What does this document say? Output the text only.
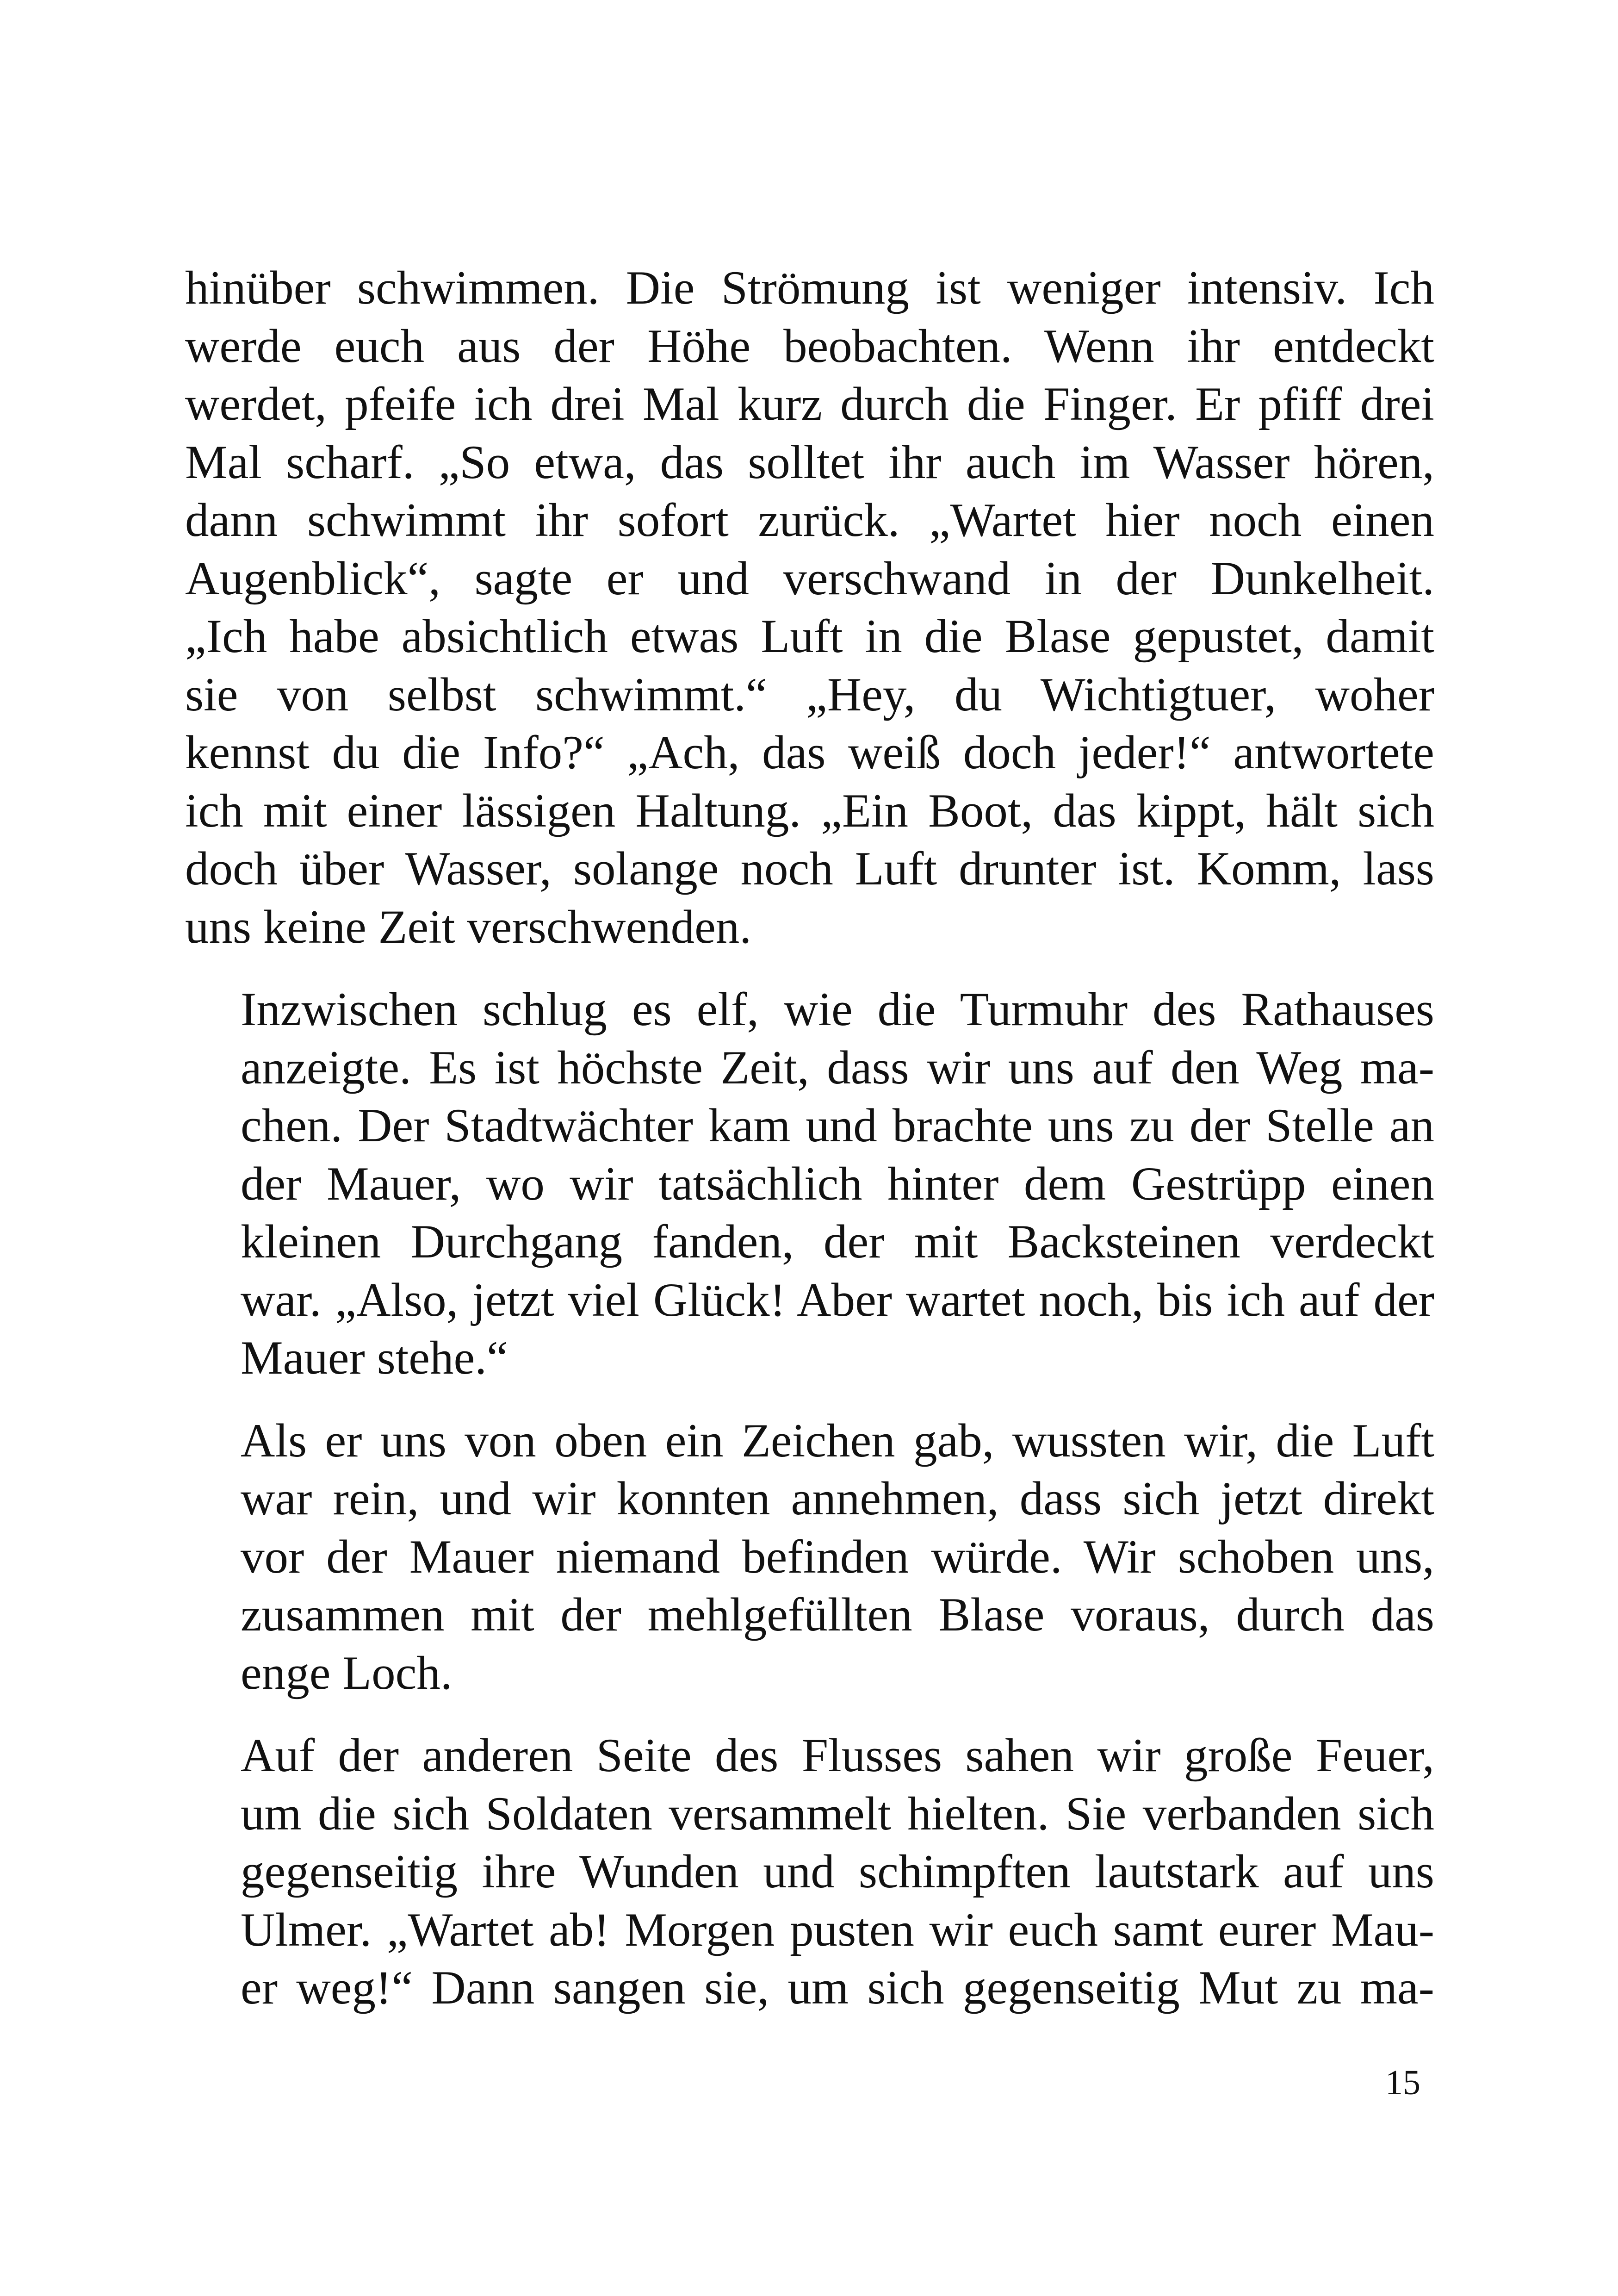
hinüber schwimmen. Die Strömung ist weniger intensiv. Ich
werde euch aus der Höhe beobachten. Wenn ihr entdeckt
werdet, pfeife ich drei Mal kurz durch die Finger. Er pfiff drei
Mal scharf. „So etwa, das solltet ihr auch im Wasser hören,
dann schwimmt ihr sofort zurück. „Wartet hier noch einen
Augenblick“, sagte er und verschwand in der Dunkelheit.
„Ich habe absichtlich etwas Luft in die Blase gepustet, damit
sie von selbst schwimmt.“ „Hey, du Wichtigtuer, woher
kennst du die Info?“ „Ach, das weiß doch jeder!“ antwortete
ich mit einer lässigen Haltung. „Ein Boot, das kippt, hält sich
doch über Wasser, solange noch Luft drunter ist. Komm, lass
uns keine Zeit verschwenden.

Inzwischen schlug es elf, wie die Turmuhr des Rathauses
anzeigte. Es ist höchste Zeit, dass wir uns auf den Weg ma-
chen. Der Stadtwächter kam und brachte uns zu der Stelle an
der Mauer, wo wir tatsächlich hinter dem Gestrüpp einen
kleinen Durchgang fanden, der mit Backsteinen verdeckt
war. „Also, jetzt viel Glück! Aber wartet noch, bis ich auf der
Mauer stehe.“

Als er uns von oben ein Zeichen gab, wussten wir, die Luft
war rein, und wir konnten annehmen, dass sich jetzt direkt
vor der Mauer niemand befinden würde. Wir schoben uns,
zusammen mit der mehlgefüllten Blase voraus, durch das
enge Loch.

Auf der anderen Seite des Flusses sahen wir große Feuer,
um die sich Soldaten versammelt hielten. Sie verbanden sich
gegenseitig ihre Wunden und schimpften lautstark auf uns
Ulmer. „Wartet ab! Morgen pusten wir euch samt eurer Mau-
er weg!“ Dann sangen sie, um sich gegenseitig Mut zu ma-

15
